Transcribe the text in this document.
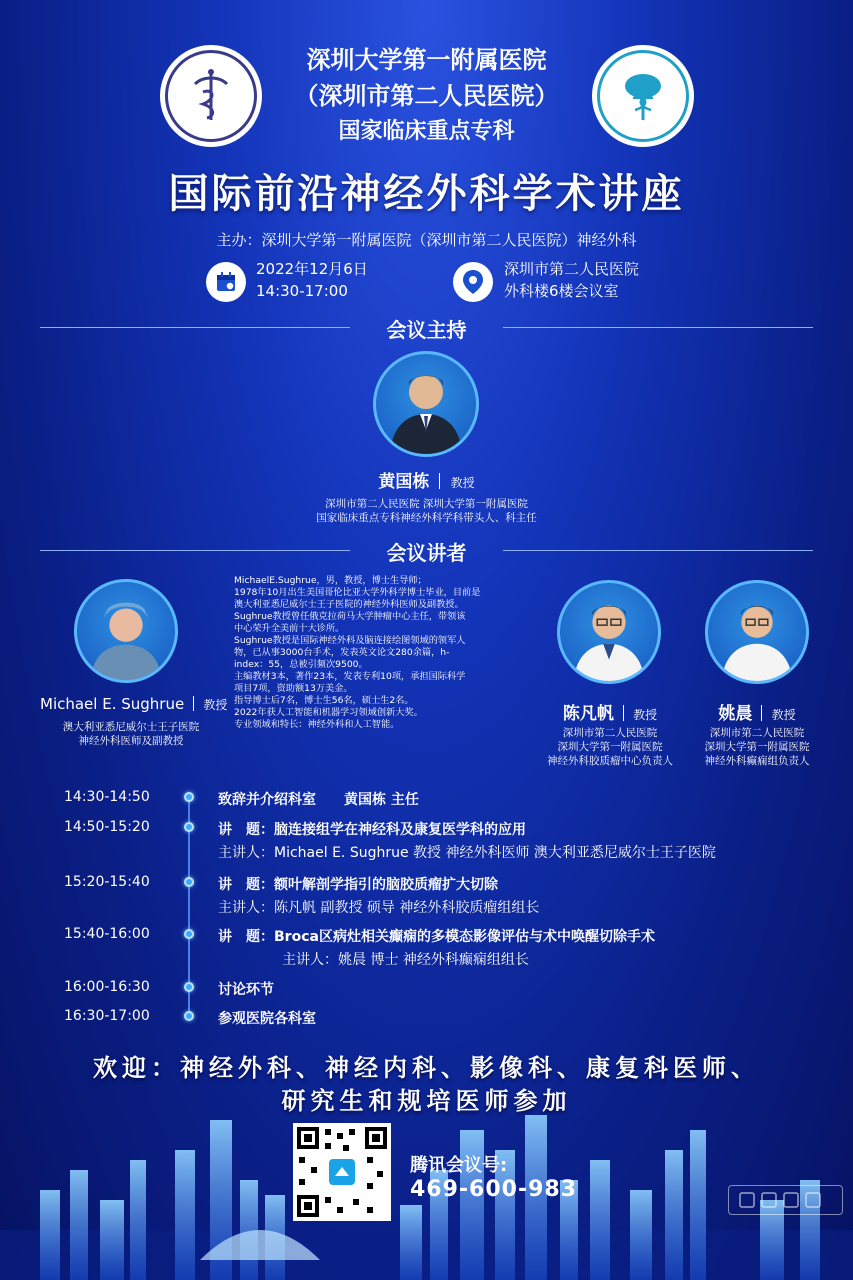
深圳大学第一附属医院
（深圳市第二人民医院）
国家临床重点专科
国际前沿神经外科学术讲座
主办：深圳大学第一附属医院（深圳市第二人民医院）神经外科
2022年12月6日
14:30-17:00
深圳市第二人民医院
外科楼6楼会议室
会议主持
黄国栋 教授
深圳市第二人民医院 深圳大学第一附属医院
国家临床重点专科神经外科学科带头人、科主任
会议讲者
Michael E. Sughrue 教授
澳大利亚悉尼威尔士王子医院
神经外科医师及副教授
MichaelE.Sughrue，男，教授，博士生导师；
1978年10月出生美国哥伦比亚大学外科学博士毕业，目前是
澳大利亚悉尼威尔士王子医院的神经外科医师及副教授。
Sughrue教授曾任俄克拉荷马大学肿瘤中心主任，带领该
中心荣升全美前十大诊所。
Sughrue教授是国际神经外科及脑连接绘图领域的领军人
物，已从事3000台手术，发表英文论文280余篇，h-
index：55，总被引频次9500。
主编教材3本，著作23本，发表专利10项，承担国际科学
项目7项，资助额13万美金。
指导博士后7名，博士生56名，硕士生2名。
2022年获人工智能和机器学习领域创新大奖。
专业领域和特长：神经外科和人工智能。
陈凡帆 教授
深圳市第二人民医院
深圳大学第一附属医院
神经外科胶质瘤中心负责人
姚晨 教授
深圳市第二人民医院
深圳大学第一附属医院
神经外科癫痫组负责人
14:30-14:50	致辞并介绍科室　　黄国栋 主任
14:50-15:20	讲　题：脑连接组学在神经科及康复医学科的应用
主讲人：Michael E. Sughrue 教授 神经外科医师 澳大利亚悉尼威尔士王子医院
15:20-15:40	讲　题：额叶解剖学指引的脑胶质瘤扩大切除
主讲人：陈凡帆 副教授 硕导 神经外科胶质瘤组组长
15:40-16:00	讲　题：Broca区病灶相关癫痫的多模态影像评估与术中唤醒切除手术
主讲人：姚晨 博士 神经外科癫痫组组长
16:00-16:30	讨论环节
16:30-17:00	参观医院各科室
欢迎：神经外科、神经内科、影像科、康复科医师、
研究生和规培医师参加
腾讯会议号:
469-600-983
